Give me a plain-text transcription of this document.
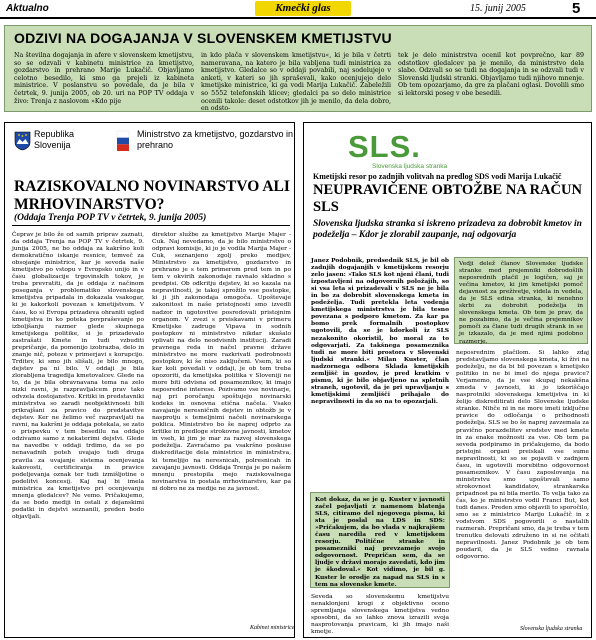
Aktualno	Kmečki glas	15. junij 2005	5
ODZIVI NA DOGAJANJA V SLOVENSKEM KMETIJSTVU
Na številna dogajanja in afere v slovenskem kmetijstvu, so se odzvali v kabinetu ministrice za kmetijstvo, gozdarstvo in prehrano Marije Lukačič. Objavljamo celotno besedilo, ki smo ga prejeli iz kabineta ministrice. V poslanstvu so povedale, da je bila v četrtek, 9. junija 2005, ob 20. uri na POP TV oddaja v živo: Trenja z naslovom »Kdo pije
in kdo plača v slovenskem kmetijstvu«, ki je bila v četrti nameravana, na katero je bila vabljena tudi ministrica za kmetijstvo. Gledalce so v oddaji povabili, naj sodelujejo v anketi, v kateri so jih spraševali, kako ocenjujejo delo kmetijske ministrice, ki ga vodi Marija Lukačič. Zabeležili so 5552 telefonskih klicev; gledalci pa so delo ministrice ocenili takole: deset odstotkov jih je menilo, da dela dobro, en odsto-
tek je delo ministrstva ocenil kot povprečno, kar 89 odstotkov gledalcev pa je menilo, da ministrstvo dela slabo. Odzvali so se tudi na dogajanja in se odzvali tudi v Slovenski ljudski stranki. Objavljamo tudi njihovo mnenje. Ob tem opozarjamo, da gre za plačani oglasi. Dovolili smo si lektorski poseg v obe besedili.
Republika Slovenija
Ministrstvo za kmetijstvo, gozdarstvo in prehrano
RAZISKOVALNO NOVINARSTVO ALI MRHOVINARSTVO?
(Oddaja Trenja POP TV v četrtek, 9. junija 2005)
Čeprav je bilo že od samih priprav zaznati, da oddaja Trenja na POP TV v četrtek, 9. junija 2005, ne bo oddaja za kakršno koli demokratično iskanje resnice, temveč za obsojanje ministrice, kar je seveda naše kmetijstvo po vstopu v Evropsko unijo in v času globalizacije trgovinskih tokov, je treba prevratiti, da je oddaja z načinom poseganja v problematiko slovenskega kmetijstva pripadala in dokazala vsakogar, ki je kakorkoli povezan s kmetijstvom. V času, ko si Evropa prizadeva ohraniti ugled kmetijstva in ko poteka povpraševanje po izboljšanju razmer glede skupnega kmetijskega politike, si je prizadevalo zastrašati Kmete in tudi vzbuditi prepričanje, da pomenijo izobrazba, delo in znanje nič, poteze v primerjavi s korupcijo. Trditev, ki smo jih slišali, je bilo mnogo, dejstev pa ni bilo. V oddaji je bila zlorabljena tragedija kmetovalcev. Glede na to, da je bila obravnavana tema na zelo nizki ravni, je razpravljalcem prav tako odvzela dostojanstvo. Kritiki in predstavniki ministrstva so zaradi neobjektivnosti bili prikrajšani za pravico do predstavitve dejstev. Ker ne želimo več razpravljati na ravni, na kakršni je oddaja potekala, se zato o prispevku v tem besedilu na oddajo odzivamo samo z nekaterimi dejstvi. Glede na navedbe v oddaji trdimo, da se po nenavadnih poteh uvajajo tudi druga pravila za uvajanje sistema ocenjevanja kakovosti, certificiranja in pravice podeljevanja oznak ter tudi izmišljotine o podelitvi koncesij. Kaj naj bi imela ministrica za kmetijstvo pri ocenjevanju mnenja gledalcev? Ne vemo. Pričakujemo, da se bodo mediji in ostali z dejanskimi podatki in dejstvi seznanili, preden bodo objavljali.
direktor službe za kmetijstvo Marije Majer - Cuk. Naj nevedamo, da je bilo ministrstvo o odpravi komisije, ki jo je vodila Marija Majer - Cuk, seznanjeno zgolj preko medijev, Ministrstvo za kmetijstvo, gozdarstvo in prehrano je s tem primerom pred tem in po tem v okvirih zakonodaje ravnalo skladno s predpisi. Ob odkritju dejstev, ki so kazala na nepravilnosti, je takoj sprožilo vse postopke, ki ji jih zakonodaja omogoča. Upoštevaje zakonitost in naše pristojnosti smo izvedli nadzor in ugotovitve posredovali pristojnim organom. V zvezi s preiskavami v primeru Kmetijske zadruge Vipava in sodnih postopkov ni ministrstvo nikdar skušalo vplivati na delo neodvisnih institucij. Zaradi pravnega reda in načel pravne države ministrstvo ne more razkrivati podrobnosti postopkov, ki še niso zaključeni. Vsem, ki so kar koli povedali v oddaji, je ob tem treba opozoriti, da kmetijska politika v Sloveniji ne more biti odvisna od posameznikov, ki imajo neposredne interese. Pozivamo vse novinarje, naj pri poročanju spoštujejo novinarski kodeks in osnovna etična načela. Vsako navajanje neresničnih dejstev in obtožb je v nasprotju s temeljnimi načeli novinarskega poklica. Ministrstvo bo še naprej odprto za kritike in predloge strokovne javnosti, kmetov in vseh, ki jim je mar za razvoj slovenskega podeželja. Zavračamo pa vsakršno poskuse diskreditacije dela ministrice in ministrstva, ki temeljijo na neresnicah, polresnicah in zavajanju javnosti. Oddaja Trenja je po našem mnenju prestopila mejo raziskovalnega novinarstva in postala mrhovinarstvo, kar pa ni dobro ne za medije ne za javnost.
Kabinet ministrice
SLS.
Slovenska ljudska stranka
Kmetijski resor po zadnjih volitvah na predlog SDS vodi Marija Lukačič
NEUPRAVIČENE OBTOŽBE NA RAČUN SLS
Slovenska ljudska stranka si iskreno prizadeva za dobrobit kmetov in podeželja – Kdor je zlorabil zaupanje, naj odgovarja
Janez Podobnik, predsednik SLS, je bil ob zadnjih dogajanjih v kmetijskem resorju zelo jasen: »Tako SLS kot njeni člani, tudi izpostavljeni na odgovornih položajih, so si vsa leta si prizadevali v SLS ne je bila in bo za dobrobit slovenskega kmeta in podeželja. Tudi pretekla leta vodenja kmetijskega ministrstva je bila tesno povezana s podporo kmetom. Za kar pa bomo prek formalnih postopkov ugotovili, da se je kdorkoli iz SLS nezakonito okoristil, bo moral za to odgovarjati. Za takšnega posameznika tudi ne more biti prostora v Slovenski ljudski stranki.« Milan Kuster, član nadzornega odbora Skladа kmetijskih zemljišč in gozdov, je pred kratkim v pismu, ki je bilo objavljeno na spletnih straneh, ugotovil, da je pri upravljanju s kmetijskimi zemljišči prihajalo do nepravilnosti in da so na to opozarjali.
Vedji delež članov Slovenske ljudske stranke med prejemniki dobrodošlih neposrednih plačil je logičen, saj je večina kmetov, ki jim kmetijski pomoč dejavnost za preživetje, videla in vedela, da je SLS edina stranka, ki nenehno skrbi za dobrobit podeželja in slovenskega kmeta. Ob tem je prav, da ne pozabimo, da je večina prejemnikov pomoči za člane tudi drugih strank in se je izkazalo, da je med njimi podobno razmerje.
neposrednim plačilom. Si lahko zdaj predstavljamo slovenskega kmeta, ki živi na podeželju, ne da bi bil povezan s kmetijsko politiko in ne bi imel do njega pravice? Verjamemo, da je vse skupaj nekakšna zmeda v javnosti, ki jo izkoriščajo nasprotniki slovenskega kmetijstva in ki želijo diskreditirati delo Slovenske ljudske stranke. Nihče ni in ne more imeti izključne pravice do odločanja o prihodnosti podeželja. SLS se bo še naprej zavzemala za pravično porazdelitev sredstev med kmete in za enake možnosti za vse. Ob tem pa seveda podpiramo in pričakujemo, da bodo pristojni organi preiskali vse sume nepravilnosti, ki so se pojavili v zadnjem času, in ugotovili morebitno odgovornost posameznikov. V času zaposlovanja na ministrstvu smo upoštevali samo strokovnost kandidatov, strankarska pripadnost pa ni bila merilo. To velja tako za čas, ko je ministrstvo vodil Franci But, kot tudi danes. Preden smo objavili to sporočilo, smo se z ministrico Marijo Lukačič in z vodstvom SDS pogovorili o nastalih razmerah. Prepričani smo, da je treba v tem trenutku delovati združeno in si ne očitati nepravilnosti. Janez Podobnik je ob tem poudaril, da je SLS vedno ravnala odgovorno.
Kot dokaz, da se je g. Kuster v javnosti začel pojavljati z namenom blatenja SLS, citiramo del njegovega pisma, ki sta je poslal na LDS in SDS: »Pričakujem, da bo vlada v najkrajšem času naredila red v kmetijskem resorju. Politične stranke in posamezniki naj prevzamejo svojo odgovornost. Prepričan sem, da se ljudje v državi morajo zavedati, kdo jim je škodoval.« Kot vidimo, je bil g. Kuster le orodje za napad na SLS in s tem na slovenske kmete.
Seveda so slovenskemu kmetijstvu nenaklonjeni krogi z objektivno oceno spremljanja slovenskega kmetijstva vedno sposobni, da so lahko znova izrazili svoja nasprotovanja pravicam, ki jih imajo naši kmetje.
Slovenska ljudska stranka
